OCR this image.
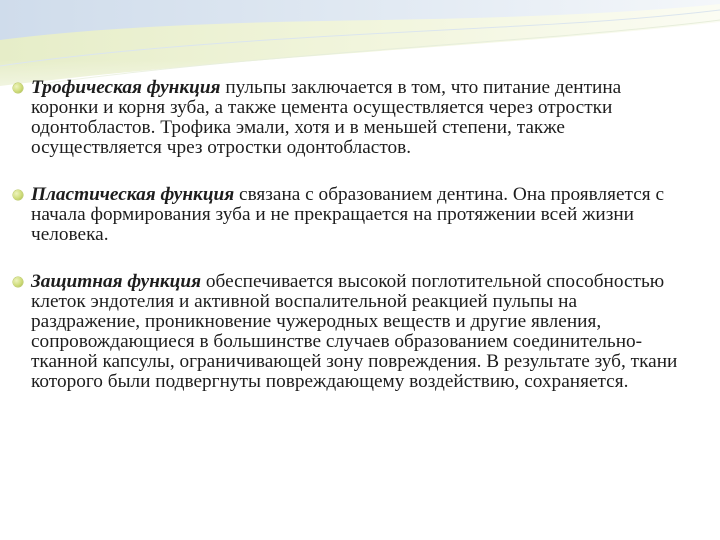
Трофическая функция пульпы заключается в том, что питание дентина коронки и корня зуба, а также цемента осуществляется через отростки одонтобластов. Трофика эмали, хотя и в меньшей степени, также осуществляется чрез отростки одонтобластов.

Пластическая функция связана с образованием дентина. Она проявляется с начала формирования зуба и не прекращается на протяжении всей жизни человека.

Защитная функция обеспечивается высокой поглотительной способностью клеток эндотелия и активной воспалительной реакцией пульпы на раздражение, проникновение чужеродных веществ и другие явления, сопровождающиеся в большинстве случаев образованием соединительно-тканной капсулы, ограничивающей зону повреждения. В результате зуб, ткани которого были подвергнуты повреждающему воздействию, сохраняется.
